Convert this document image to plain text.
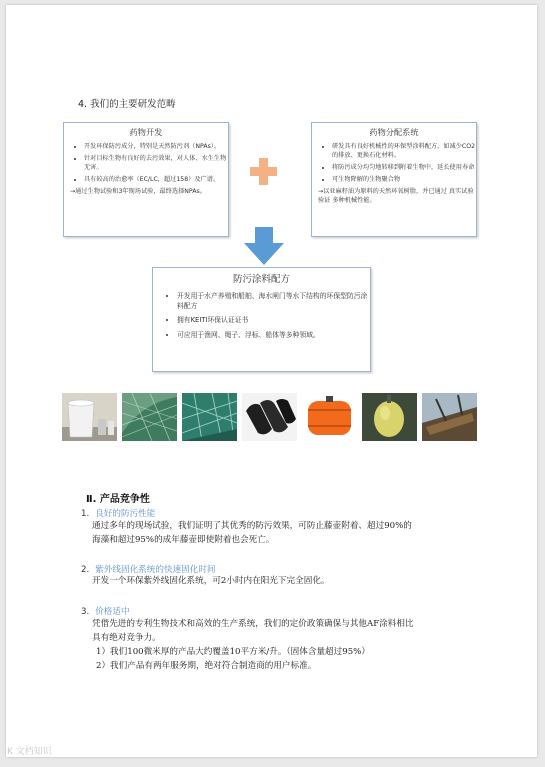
4. 我们的主要研发范畴
药物开发
• 开发环保防污成分，特别是天然防污剂（NPAs）。
• 针对目标生物有良好的去污效果，对人体、水生生物无害。
• 具有较高的治愈率（EC/LC，超过158）及广谱。
→通过生物试验和3年现场试验，最终选择NPAs。
药物分配系统
• 研发具有良好机械性的环保型涂料配方，如减少CO2的排放、更换石化材料。
• 将防污成分均匀地转移到附着生物中，延长使用寿命
• 可生物降解的生物聚合物
→以亚麻籽油为原料的天然环氧树脂，并已通过 真实试验验证 多种机械性能。
防污涂料配方
• 开发用于水产养殖和船舶、海水闸门等水下结构的环保型防污涂料配方
• 拥有KEITI环保认证证书
• 可应用于渔网、绳子、浮标、船体等多种领域。
Ⅱ. 产品竞争性
1. 良好的防污性能
通过多年的现场试验，我们证明了其优秀的防污效果，可防止藤壶附着、超过90%的
海藻和超过95%的成年藤壶即使附着也会死亡。
2. 紫外线固化系统的快速固化时间
开发一个环保紫外线固化系统，可2小时内在阳光下完全固化。
3. 价格适中
凭借先进的专利生物技术和高效的生产系统，我们的定价政策确保与其他AF涂料相比
具有绝对竞争力。
1）我们100微米厚的产品大约覆盖10平方米/升。（固体含量超过95%）
2）我们产品有两年服务期，绝对符合制造商的用户标准。
K 文档知识
